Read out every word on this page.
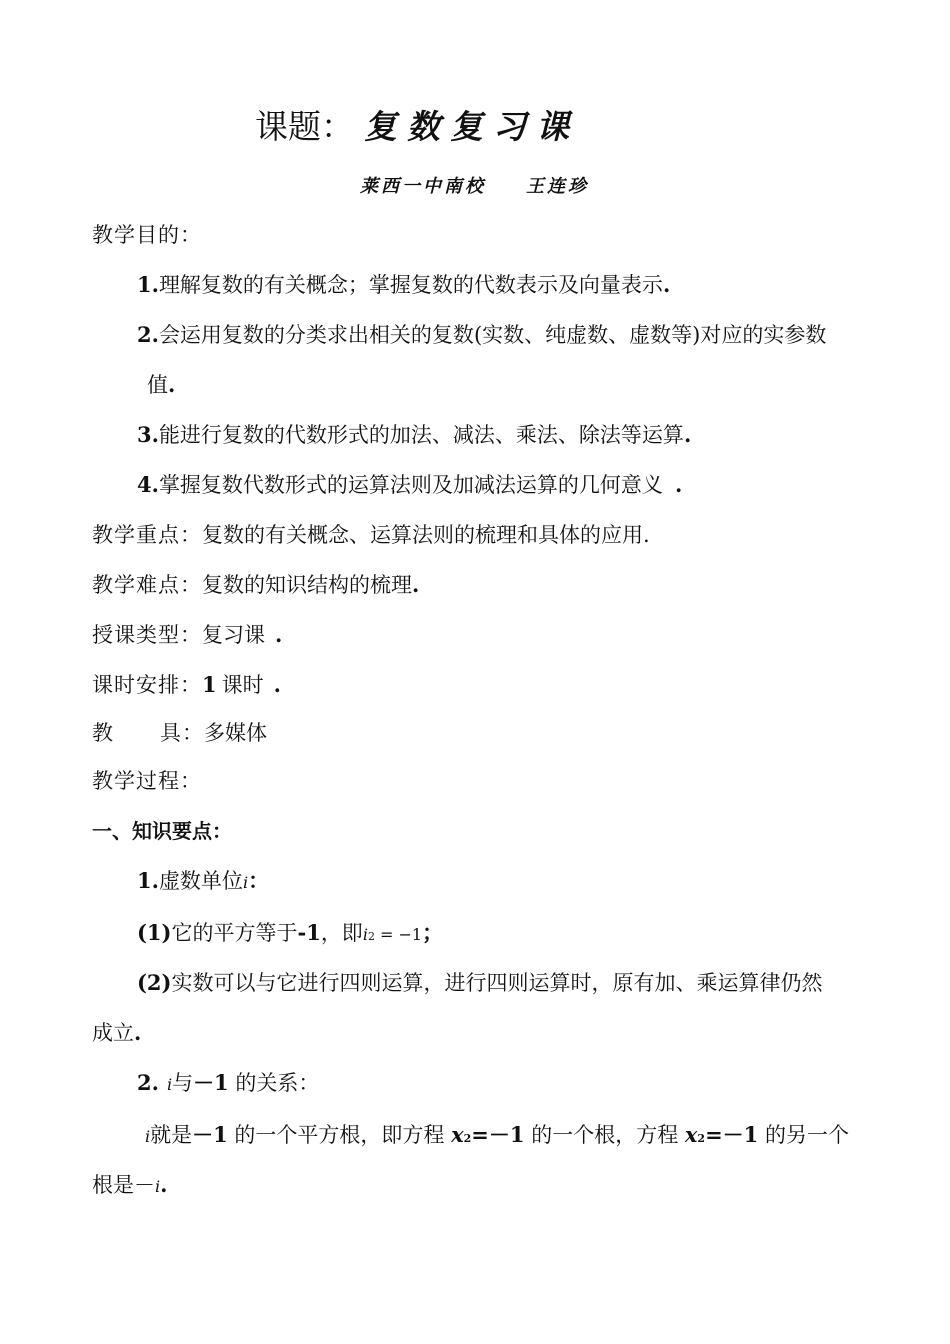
课题： 复数复习课
莱西一中南校 王连珍
教学目的：
1.理解复数的有关概念；掌握复数的代数表示及向量表示.
2.会运用复数的分类求出相关的复数(实数、纯虚数、虚数等)对应的实参数
值.
3.能进行复数的代数形式的加法、减法、乘法、除法等运算.
4.掌握复数代数形式的运算法则及加减法运算的几何意义 .
教学重点：复数的有关概念、运算法则的梳理和具体的应用.
教学难点：复数的知识结构的梳理.
授课类型：复习课 .
课时安排：1 课时 .
教 具：多媒体
教学过程：
一、知识要点：
1.虚数单位i：
(1)它的平方等于-1，即i2 = −1；
(2)实数可以与它进行四则运算，进行四则运算时，原有加、乘运算律仍然
成立.
2. i与－1 的关系：
i就是－1 的一个平方根，即方程 x2=－1 的一个根，方程 x2=－1 的另一个
根是－i.
